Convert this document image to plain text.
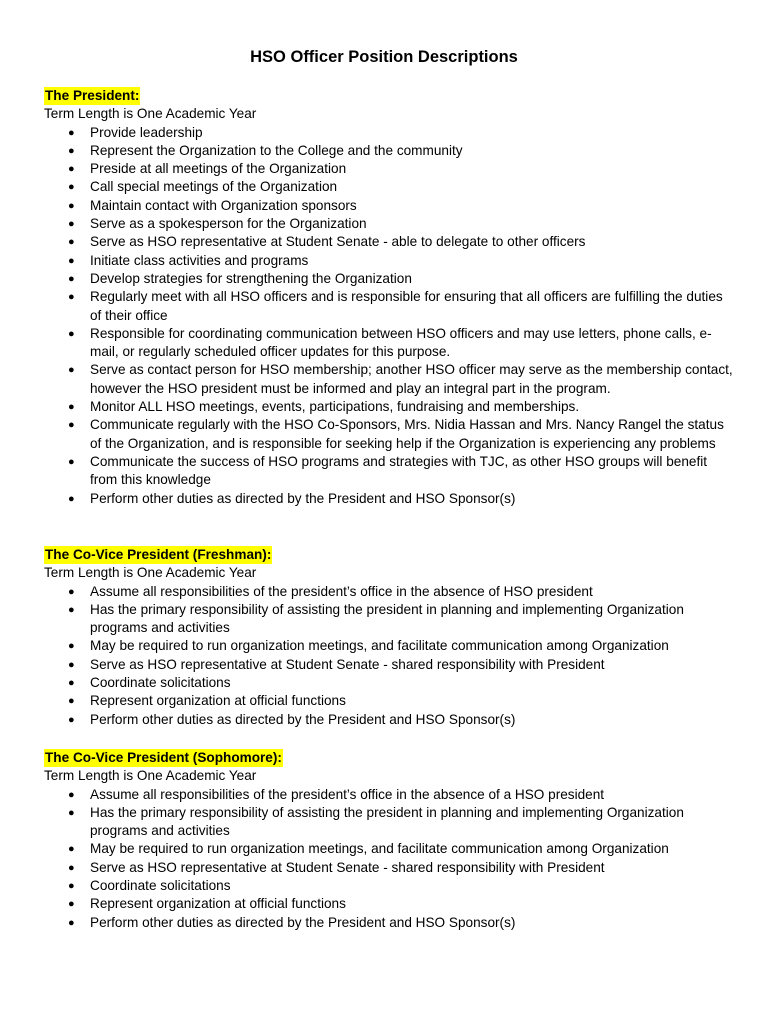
HSO Officer Position Descriptions
The President:
Term Length is One Academic Year
● Provide leadership
● Represent the Organization to the College and the community
● Preside at all meetings of the Organization
● Call special meetings of the Organization
● Maintain contact with Organization sponsors
● Serve as a spokesperson for the Organization
● Serve as HSO representative at Student Senate - able to delegate to other officers
● Initiate class activities and programs
● Develop strategies for strengthening the Organization
● Regularly meet with all HSO officers and is responsible for ensuring that all officers are fulfilling the duties of their office
● Responsible for coordinating communication between HSO officers and may use letters, phone calls, e-mail, or regularly scheduled officer updates for this purpose.
● Serve as contact person for HSO membership; another HSO officer may serve as the membership contact, however the HSO president must be informed and play an integral part in the program.
● Monitor ALL HSO meetings, events, participations, fundraising and memberships.
● Communicate regularly with the HSO Co-Sponsors, Mrs. Nidia Hassan and Mrs. Nancy Rangel the status of the Organization, and is responsible for seeking help if the Organization is experiencing any problems
● Communicate the success of HSO programs and strategies with TJC, as other HSO groups will benefit from this knowledge
● Perform other duties as directed by the President and HSO Sponsor(s)
The Co-Vice President (Freshman):
Term Length is One Academic Year
● Assume all responsibilities of the president’s office in the absence of HSO president
● Has the primary responsibility of assisting the president in planning and implementing Organization programs and activities
● May be required to run organization meetings, and facilitate communication among Organization
● Serve as HSO representative at Student Senate - shared responsibility with President
● Coordinate solicitations
● Represent organization at official functions
● Perform other duties as directed by the President and HSO Sponsor(s)
The Co-Vice President (Sophomore):
Term Length is One Academic Year
● Assume all responsibilities of the president’s office in the absence of a HSO president
● Has the primary responsibility of assisting the president in planning and implementing Organization programs and activities
● May be required to run organization meetings, and facilitate communication among Organization
● Serve as HSO representative at Student Senate - shared responsibility with President
● Coordinate solicitations
● Represent organization at official functions
● Perform other duties as directed by the President and HSO Sponsor(s)
